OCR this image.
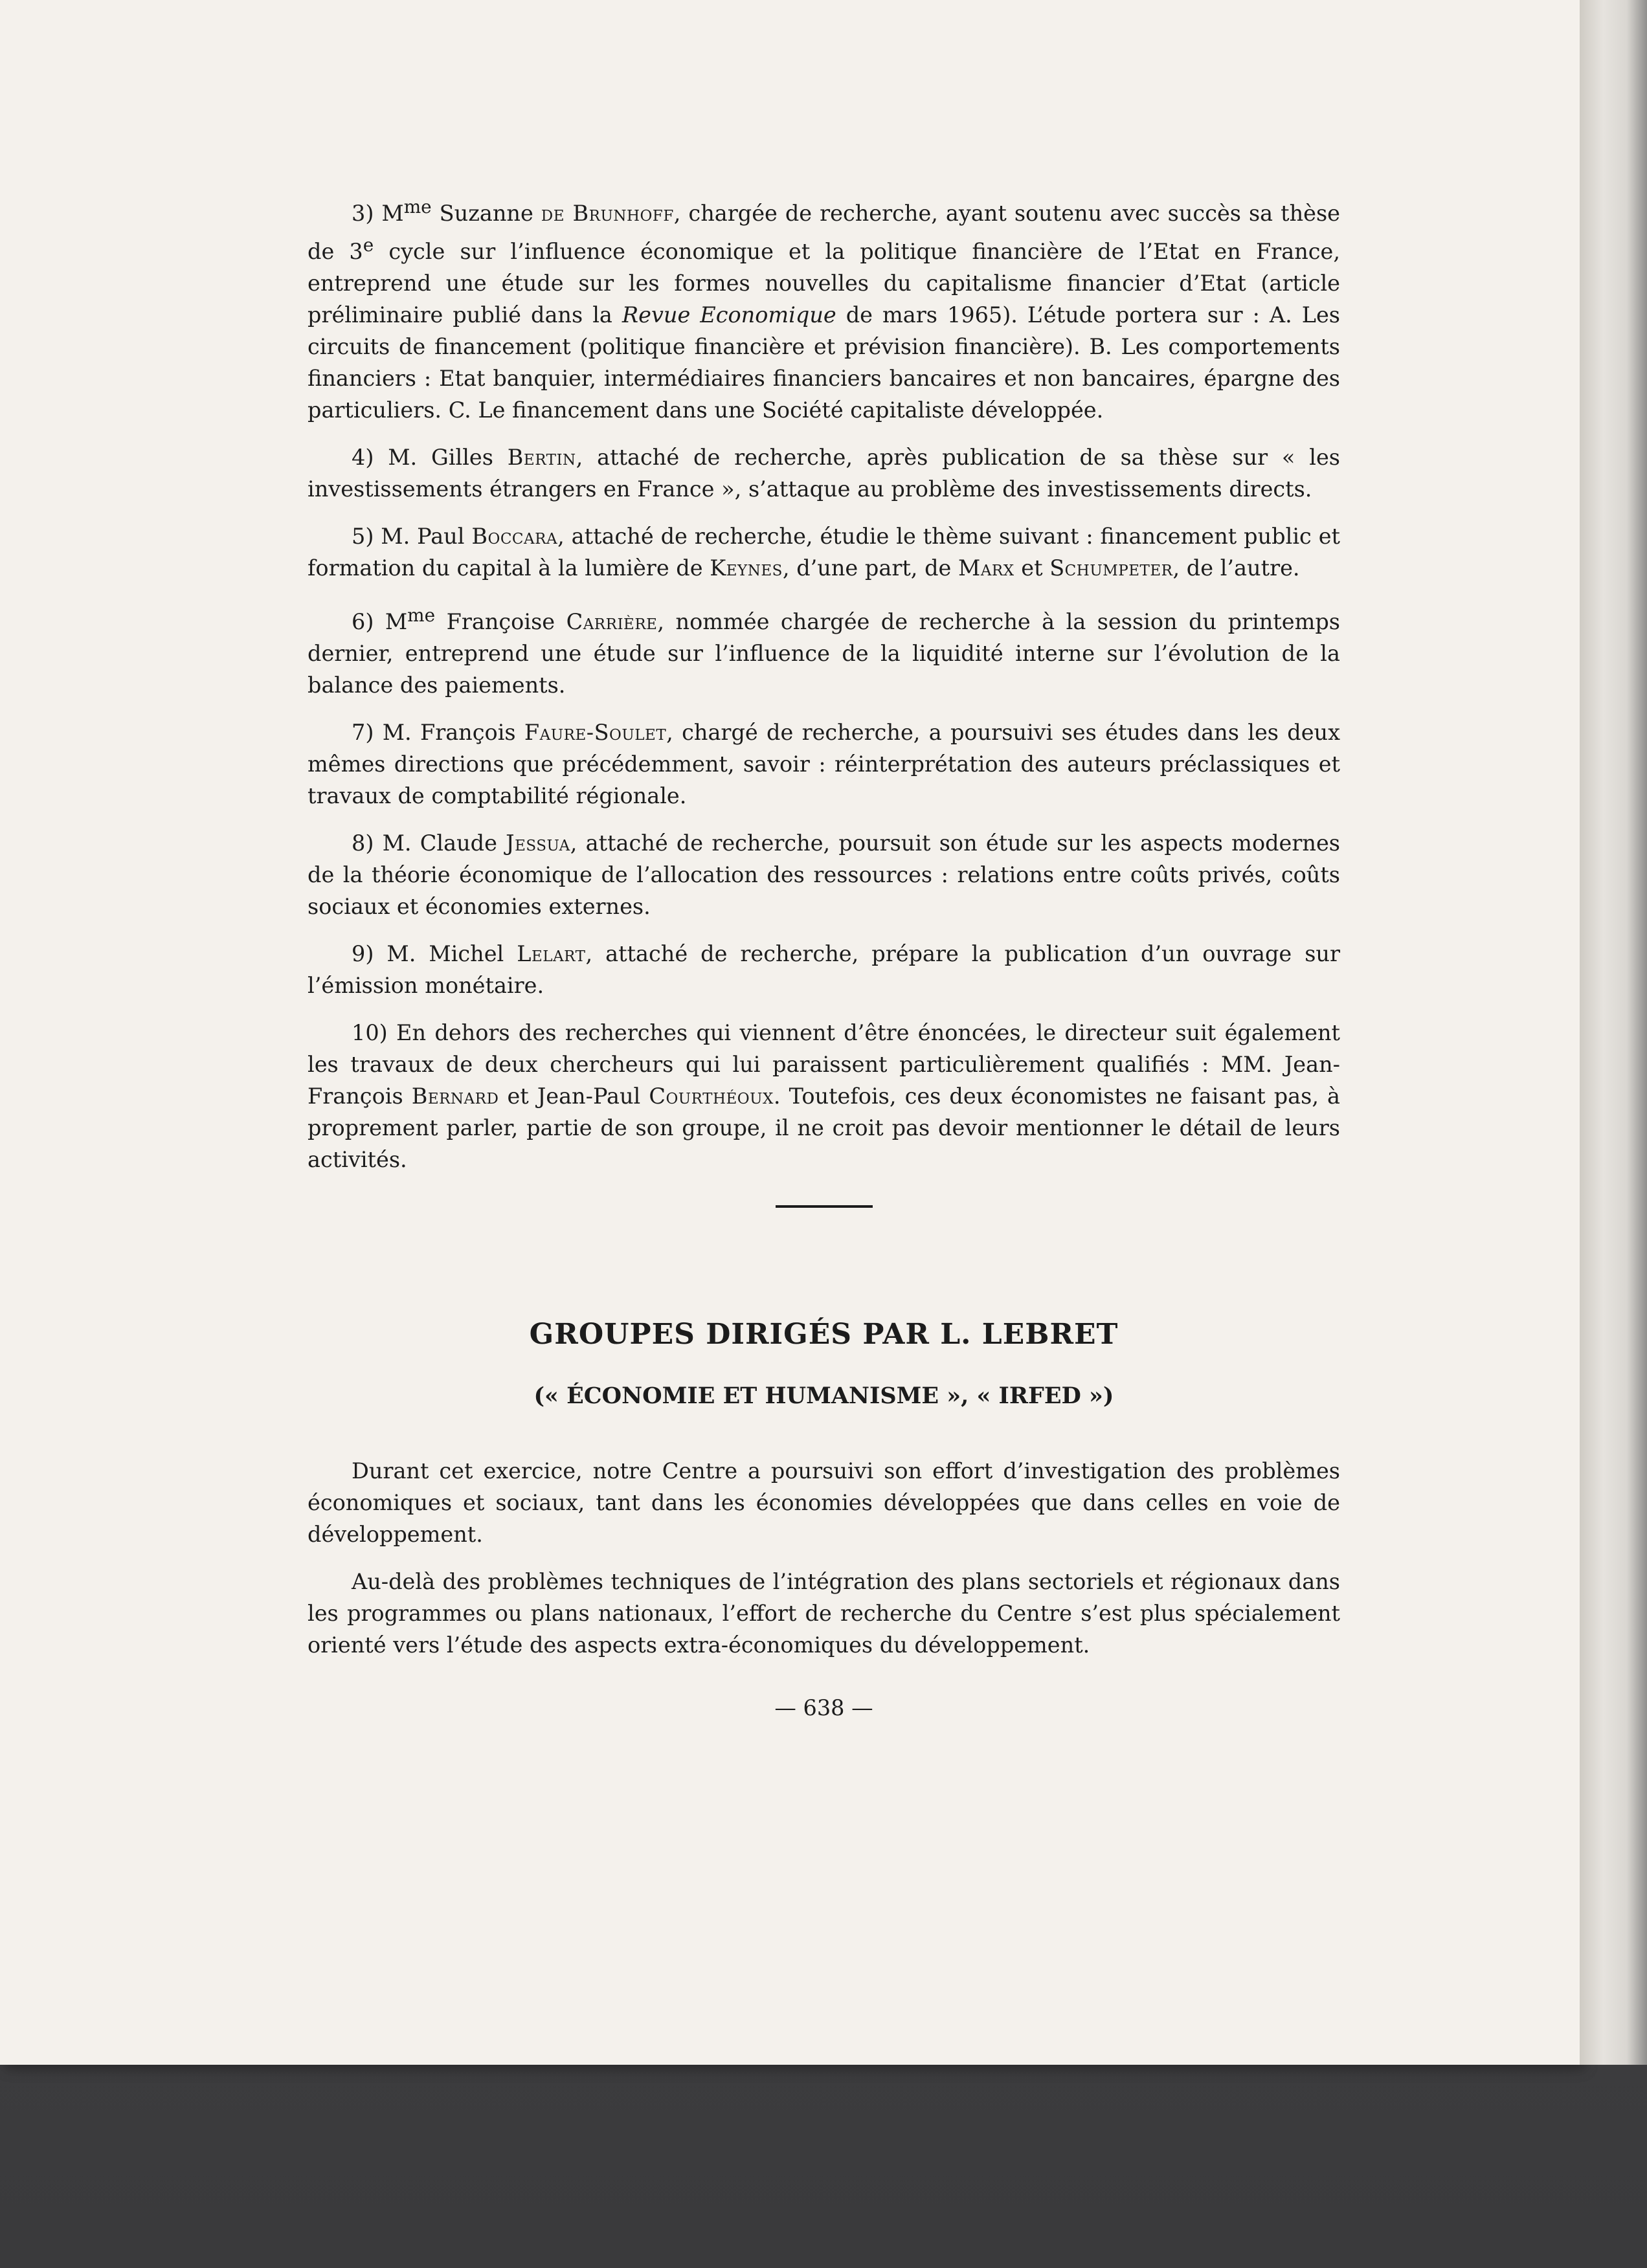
3) $M^{me}$ Suzanne de Brunhoff, chargée de recherche, ayant soutenu avec succès sa thèse de 3e cycle sur l’influence économique et la politique financière de l’Etat en France, entreprend une étude sur les formes nouvelles du capitalisme financier d’Etat (article préliminaire publié dans la Revue Economique de mars 1965). L’étude portera sur : A. Les circuits de financement (politique financière et prévision financière). B. Les comportements financiers : Etat banquier, intermédiaires financiers bancaires et non bancaires, épargne des particuliers. C. Le financement dans une Société capitaliste développée.

4) M. Gilles Bertin, attaché de recherche, après publication de sa thèse sur « les investissements étrangers en France », s’attaque au problème des investissements directs.

5) M. Paul Boccara, attaché de recherche, étudie le thème suivant : financement public et formation du capital à la lumière de Keynes, d’une part, de Marx et Schumpeter, de l’autre.

6) $M^{me}$ Françoise Carrière, nommée chargée de recherche à la session du printemps dernier, entreprend une étude sur l’influence de la liquidité interne sur l’évolution de la balance des paiements.

7) M. François Faure-Soulet, chargé de recherche, a poursuivi ses études dans les deux mêmes directions que précédemment, savoir : réinterprétation des auteurs préclassiques et travaux de comptabilité régionale.

8) M. Claude Jessua, attaché de recherche, poursuit son étude sur les aspects modernes de la théorie économique de l’allocation des ressources : relations entre coûts privés, coûts sociaux et économies externes.

9) M. Michel Lelart, attaché de recherche, prépare la publication d’un ouvrage sur l’émission monétaire.

10) En dehors des recherches qui viennent d’être énoncées, le directeur suit également les travaux de deux chercheurs qui lui paraissent particulièrement qualifiés : MM. Jean-François Bernard et Jean-Paul Courthéoux. Toutefois, ces deux économistes ne faisant pas, à proprement parler, partie de son groupe, il ne croit pas devoir mentionner le détail de leurs activités.

GROUPES DIRIGÉS PAR L. LEBRET
(« ÉCONOMIE ET HUMANISME », « IRFED »)

Durant cet exercice, notre Centre a poursuivi son effort d’investigation des problèmes économiques et sociaux, tant dans les économies développées que dans celles en voie de développement.

Au-delà des problèmes techniques de l’intégration des plans sectoriels et régionaux dans les programmes ou plans nationaux, l’effort de recherche du Centre s’est plus spécialement orienté vers l’étude des aspects extra-économiques du développement.

— 638 —
